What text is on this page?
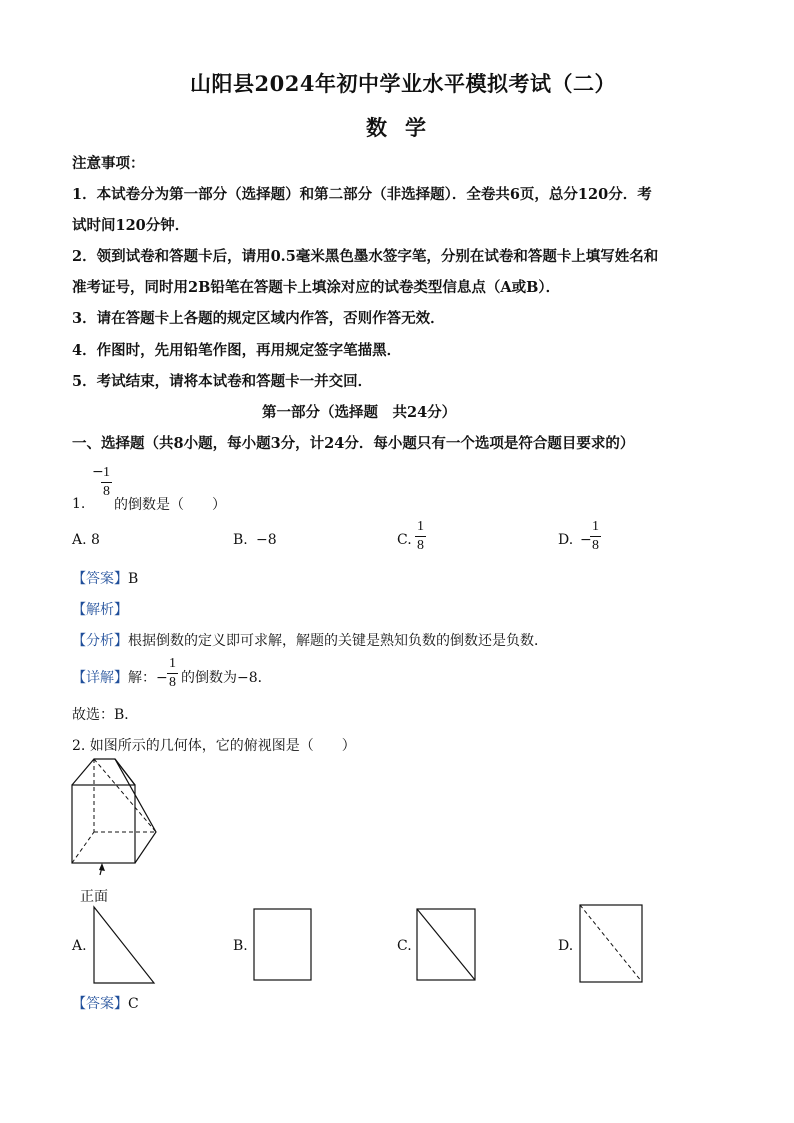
山阳县2024年初中学业水平模拟考试（二）
数学
注意事项：
1．本试卷分为第一部分（选择题）和第二部分（非选择题）．全卷共6页，总分120分．考
试时间120分钟．
2．领到试卷和答题卡后，请用0.5毫米黑色墨水签字笔，分别在试卷和答题卡上填写姓名和
准考证号，同时用2B铅笔在答题卡上填涂对应的试卷类型信息点（A或B）．
3．请在答题卡上各题的规定区域内作答，否则作答无效．
4．作图时，先用铅笔作图，再用规定签字笔描黑．
5．考试结束，请将本试卷和答题卡一并交回．
第一部分（选择题　共24分）
一、选择题（共8小题，每小题3分，计24分．每小题只有一个选项是符合题目要求的）
1.
−
$\frac{1}{8}$
的倒数是（　　）
A. 8	B. −8	C. $\frac{1}{8}$	D. −
$\frac{1}{8}$
【答案】B
【解析】
【分析】根据倒数的定义即可求解，解题的关键是熟知负数的倒数还是负数．
【详解】解：− $\frac{1}{8}$ 的倒数为−8．
故选：B．
2. 如图所示的几何体，它的俯视图是（　　）
正面
A.	B.	C.	D.
【答案】C
